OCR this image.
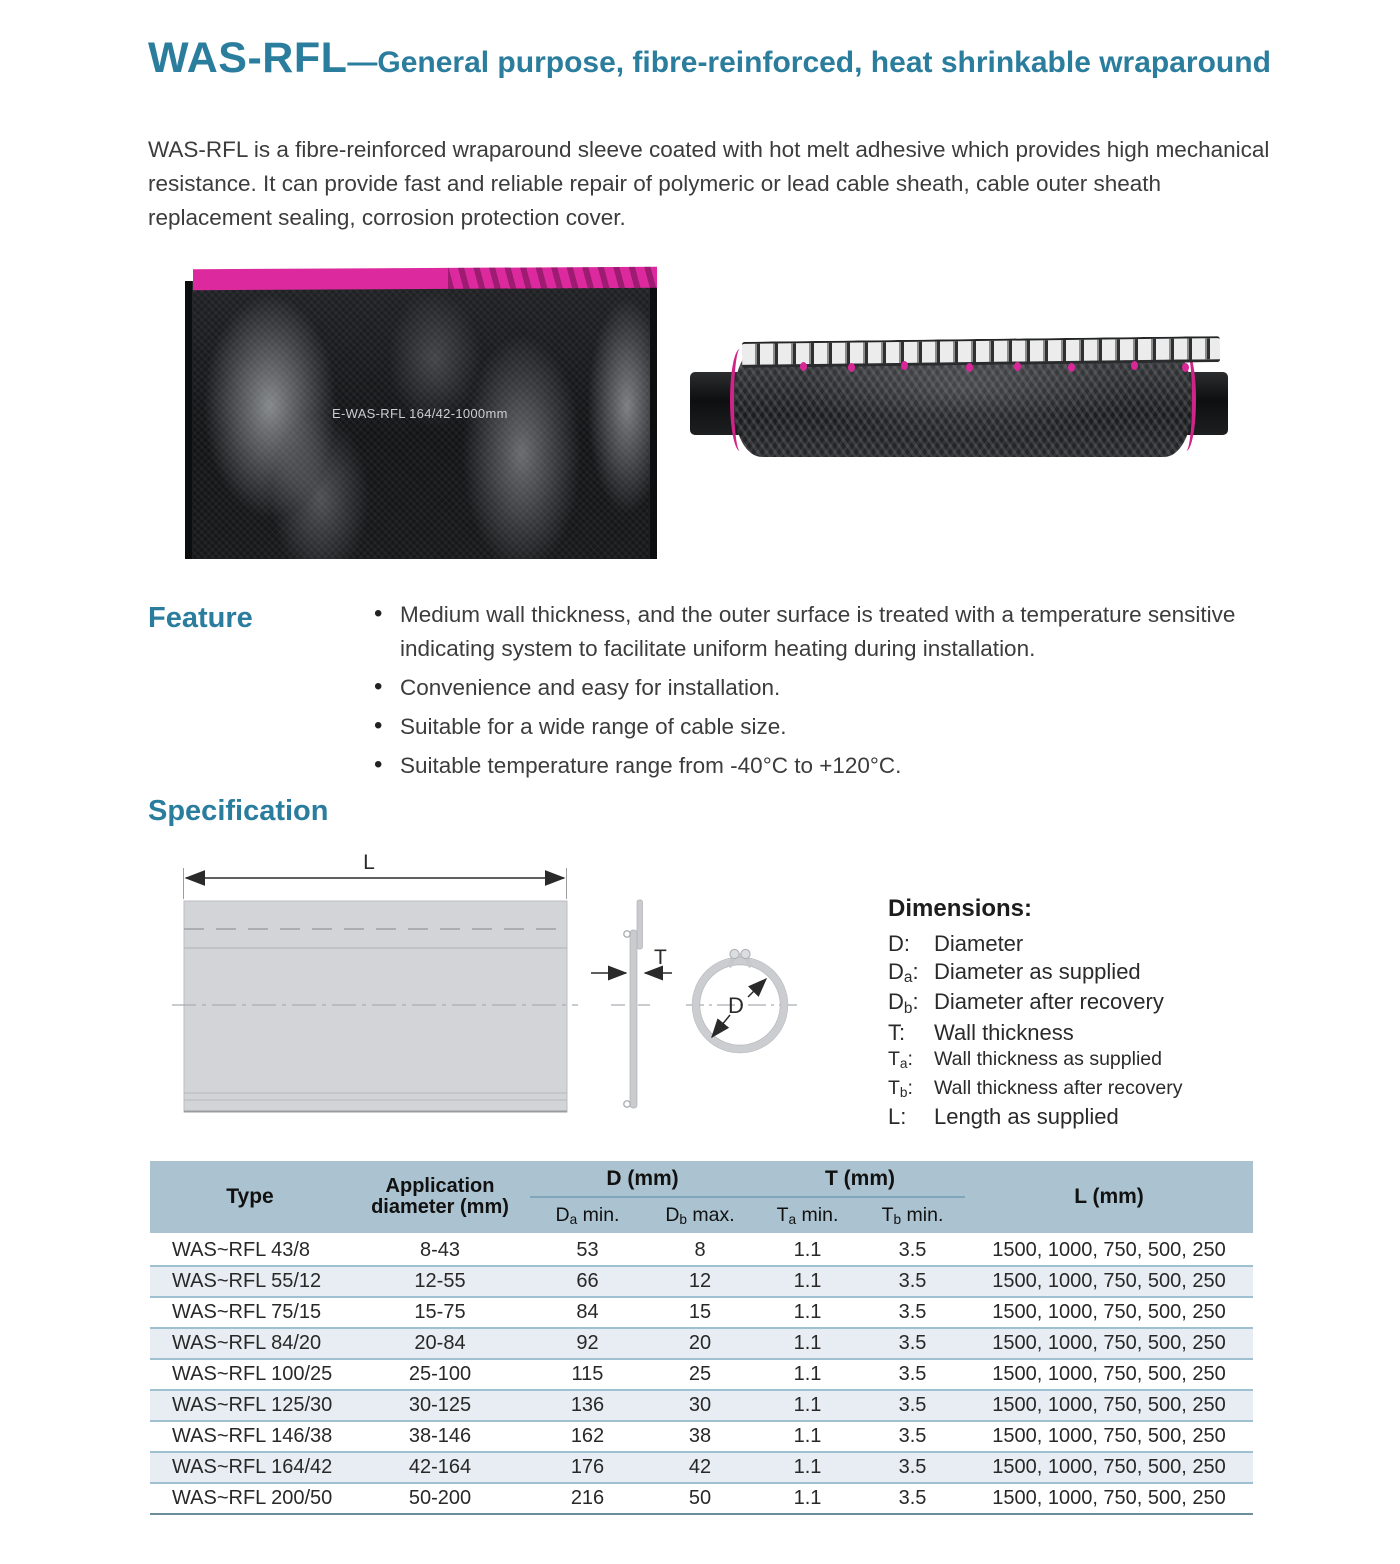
WAS-RFL—General purpose, fibre-reinforced, heat shrinkable wraparound

WAS-RFL is a fibre-reinforced wraparound sleeve coated with hot melt adhesive which provides high mechanical resistance. It can provide fast and reliable repair of polymeric or lead cable sheath, cable outer sheath replacement sealing, corrosion protection cover.

E-WAS-RFL 164/42-1000mm
Feature	• Medium wall thickness, and the outer surface is treated with a temperature sensitive indicating system to facilitate uniform heating during installation.
• Convenience and easy for installation.
• Suitable for a wide range of cable size.
• Suitable temperature range from -40°C to +120°C.
Specification
L
T
D
Dimensions:
D:	Diameter
$D_a$: Diameter as supplied
$D_b$: Diameter after recovery
T:	Wall thickness
$T_a$:	Wall thickness as supplied
$T_b$:	Wall thickness after recovery
L:	Length as supplied
Type	Application
diameter (mm)	D (mm)		T (mm)		L (mm)
		$D_a$ min.	$D_b$ max.	$T_a$ min.	$T_b$ min.	
WAS~RFL 43/8	8-43	53	8	1.1	3.5	1500, 1000, 750, 500, 250
WAS~RFL 55/12	12-55	66	12	1.1	3.5	1500, 1000, 750, 500, 250
WAS~RFL 75/15	15-75	84	15	1.1	3.5	1500, 1000, 750, 500, 250
WAS~RFL 84/20	20-84	92	20	1.1	3.5	1500, 1000, 750, 500, 250
WAS~RFL 100/25	25-100	115	25	1.1	3.5	1500, 1000, 750, 500, 250
WAS~RFL 125/30	30-125	136	30	1.1	3.5	1500, 1000, 750, 500, 250
WAS~RFL 146/38	38-146	162	38	1.1	3.5	1500, 1000, 750, 500, 250
WAS~RFL 164/42	42-164	176	42	1.1	3.5	1500, 1000, 750, 500, 250
WAS~RFL 200/50	50-200	216	50	1.1	3.5	1500, 1000, 750, 500, 250
